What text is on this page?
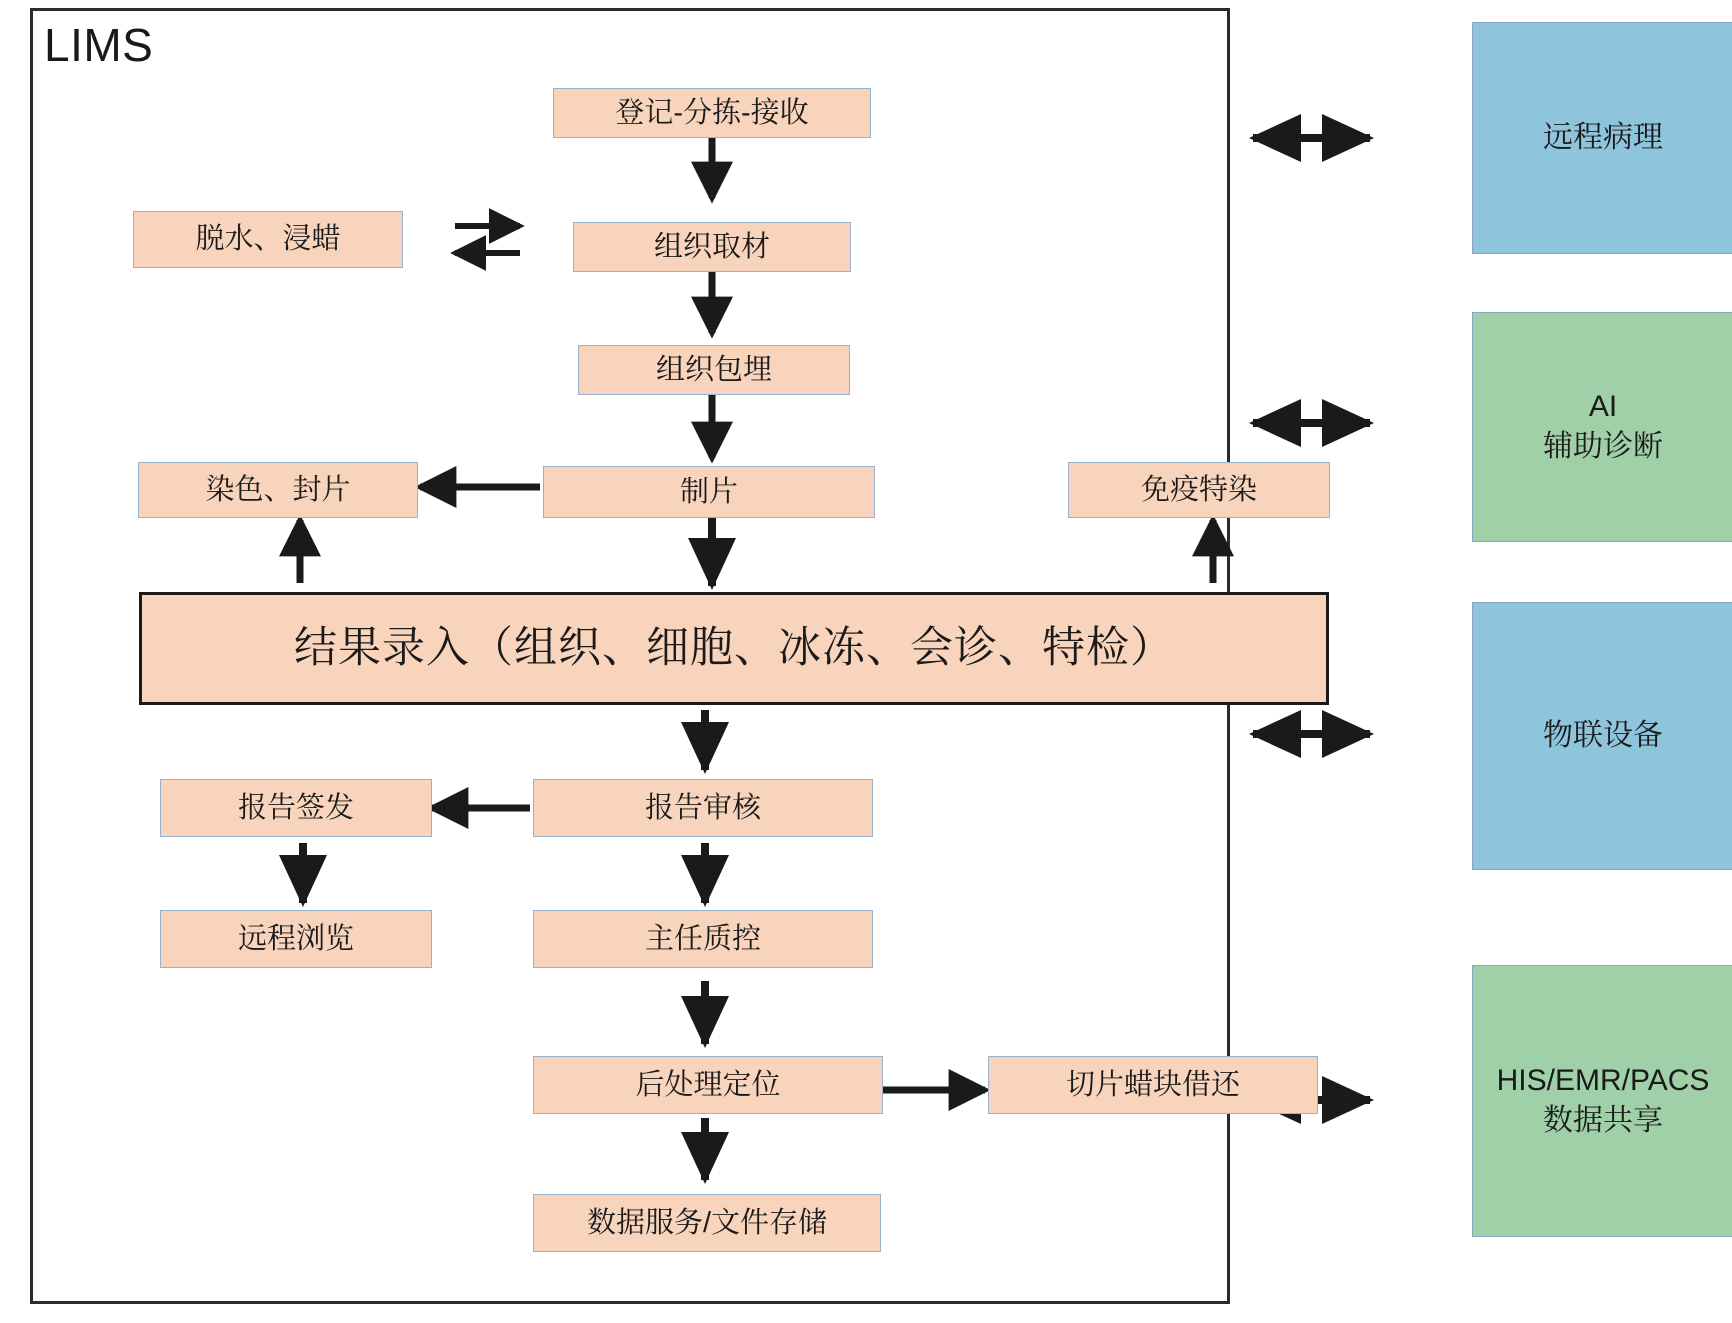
LIMS
登记-分拣-接收
脱水、浸蜡	组织取材
组织包埋
制片
染色、封片	免疫特染
结果录入（组织、细胞、冰冻、会诊、特检）
报告审核
报告签发
远程浏览	主任质控
后处理定位	切片蜡块借还
数据服务/文件存储
远程病理
AI
辅助诊断
物联设备
HIS/EMR/PACS
数据共享
